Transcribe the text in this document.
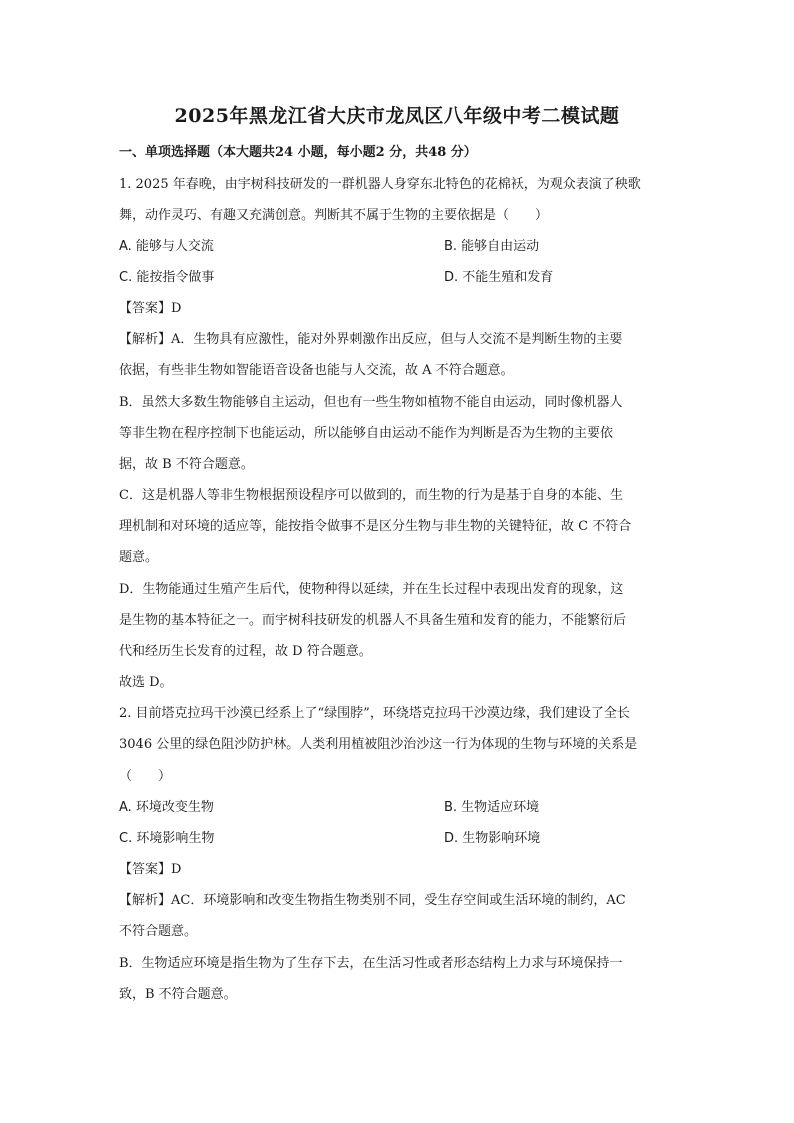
2025年黑龙江省大庆市龙凤区八年级中考二模试题
一、单项选择题（本大题共24 小题，每小题2 分，共48 分）
1. 2025 年春晚，由宇树科技研发的一群机器人身穿东北特色的花棉袄，为观众表演了秧歌
舞，动作灵巧、有趣又充满创意。判断其不属于生物的主要依据是（　　）
A. 能够与人交流	B. 能够自由运动
C. 能按指令做事	D. 不能生殖和发育
【答案】D
【解析】A．生物具有应激性，能对外界刺激作出反应，但与人交流不是判断生物的主要
依据，有些非生物如智能语音设备也能与人交流，故 A 不符合题意。
B．虽然大多数生物能够自主运动，但也有一些生物如植物不能自由运动，同时像机器人
等非生物在程序控制下也能运动，所以能够自由运动不能作为判断是否为生物的主要依
据，故 B 不符合题意。
C．这是机器人等非生物根据预设程序可以做到的，而生物的行为是基于自身的本能、生
理机制和对环境的适应等，能按指令做事不是区分生物与非生物的关键特征，故 C 不符合
题意。
D．生物能通过生殖产生后代，使物种得以延续，并在生长过程中表现出发育的现象，这
是生物的基本特征之一。而宇树科技研发的机器人不具备生殖和发育的能力，不能繁衍后
代和经历生长发育的过程，故 D 符合题意。
故选 D。
2. 目前塔克拉玛干沙漠已经系上了“绿围脖”，环绕塔克拉玛干沙漠边缘，我们建设了全长
3046 公里的绿色阻沙防护林。人类利用植被阻沙治沙这一行为体现的生物与环境的关系是
（　　）
A. 环境改变生物	B. 生物适应环境
C. 环境影响生物	D. 生物影响环境
【答案】D
【解析】AC．环境影响和改变生物指生物类别不同，受生存空间或生活环境的制约，AC
不符合题意。
B．生物适应环境是指生物为了生存下去，在生活习性或者形态结构上力求与环境保持一
致，B 不符合题意。
